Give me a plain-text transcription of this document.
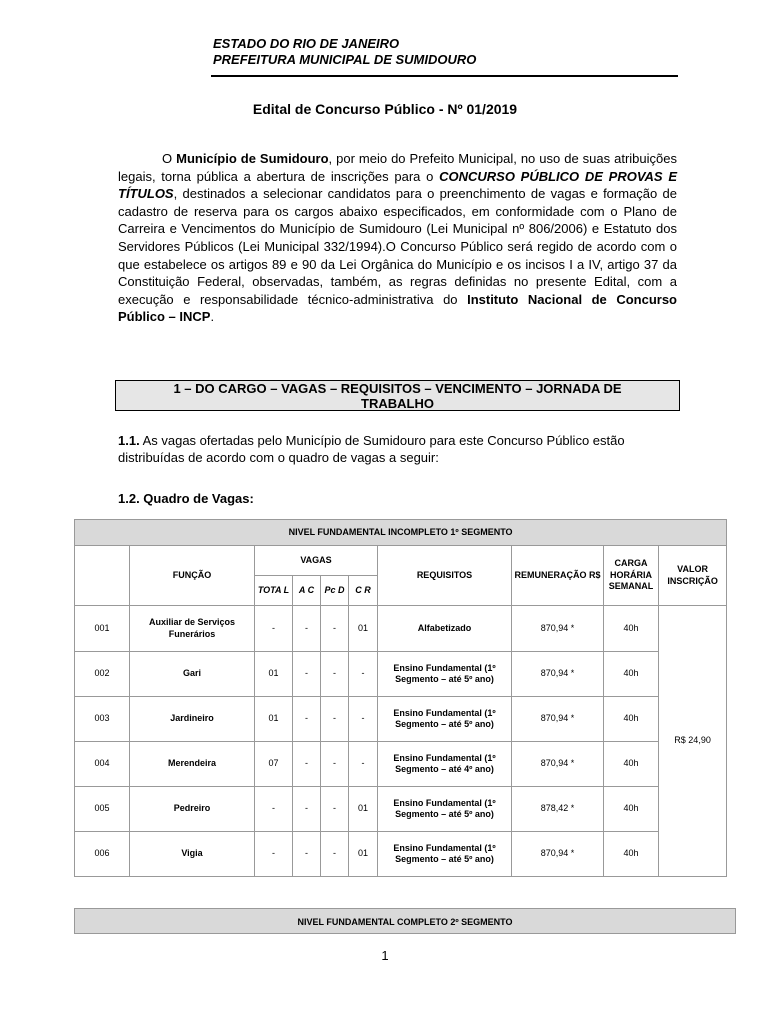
ESTADO DO RIO DE JANEIRO
PREFEITURA MUNICIPAL DE SUMIDOURO
Edital de Concurso Público - Nº 01/2019
O Município de Sumidouro, por meio do Prefeito Municipal, no uso de suas atribuições legais, torna pública a abertura de inscrições para o CONCURSO PÚBLICO DE PROVAS E TÍTULOS, destinados a selecionar candidatos para o preenchimento de vagas e formação de cadastro de reserva para os cargos abaixo especificados, em conformidade com o Plano de Carreira e Vencimentos do Município de Sumidouro (Lei Municipal nº 806/2006) e Estatuto dos Servidores Públicos (Lei Municipal 332/1994).O Concurso Público será regido de acordo com o que estabelece os artigos 89 e 90 da Lei Orgânica do Município e os incisos I a IV, artigo 37 da Constituição Federal, observadas, também, as regras definidas no presente Edital, com a execução e responsabilidade técnico-administrativa do Instituto Nacional de Concurso Público – INCP.
1 – DO CARGO – VAGAS – REQUISITOS – VENCIMENTO – JORNADA DE
TRABALHO
1.1. As vagas ofertadas pelo Município de Sumidouro para este Concurso Público estão distribuídas de acordo com o quadro de vagas a seguir:
1.2. Quadro de Vagas:
NIVEL FUNDAMENTAL INCOMPLETO 1º SEGMENTO									
	FUNÇÃO	VAGAS				REQUISITOS	REMUNERAÇÃO R$	CARGA HORÁRIA SEMANAL	VALOR INSCRIÇÃO
		TOTA L	A C	Pc D	C R				
001	Auxiliar de Serviços Funerários	-	-	-	01	Alfabetizado	870,94 *	40h	R$ 24,90
002	Gari	01	-	-	-	Ensino Fundamental (1º Segmento – até 5º ano)	870,94 *	40h	
003	Jardineiro	01	-	-	-	Ensino Fundamental (1º Segmento – até 5º ano)	870,94 *	40h	
004	Merendeira	07	-	-	-	Ensino Fundamental (1º Segmento – até 4º ano)	870,94 *	40h	
005	Pedreiro	-	-	-	01	Ensino Fundamental (1º Segmento – até 5º ano)	878,42 *	40h	
006	Vigia	-	-	-	01	Ensino Fundamental (1º Segmento – até 5º ano)	870,94 *	40h	
NIVEL FUNDAMENTAL COMPLETO 2º SEGMENTO
1
